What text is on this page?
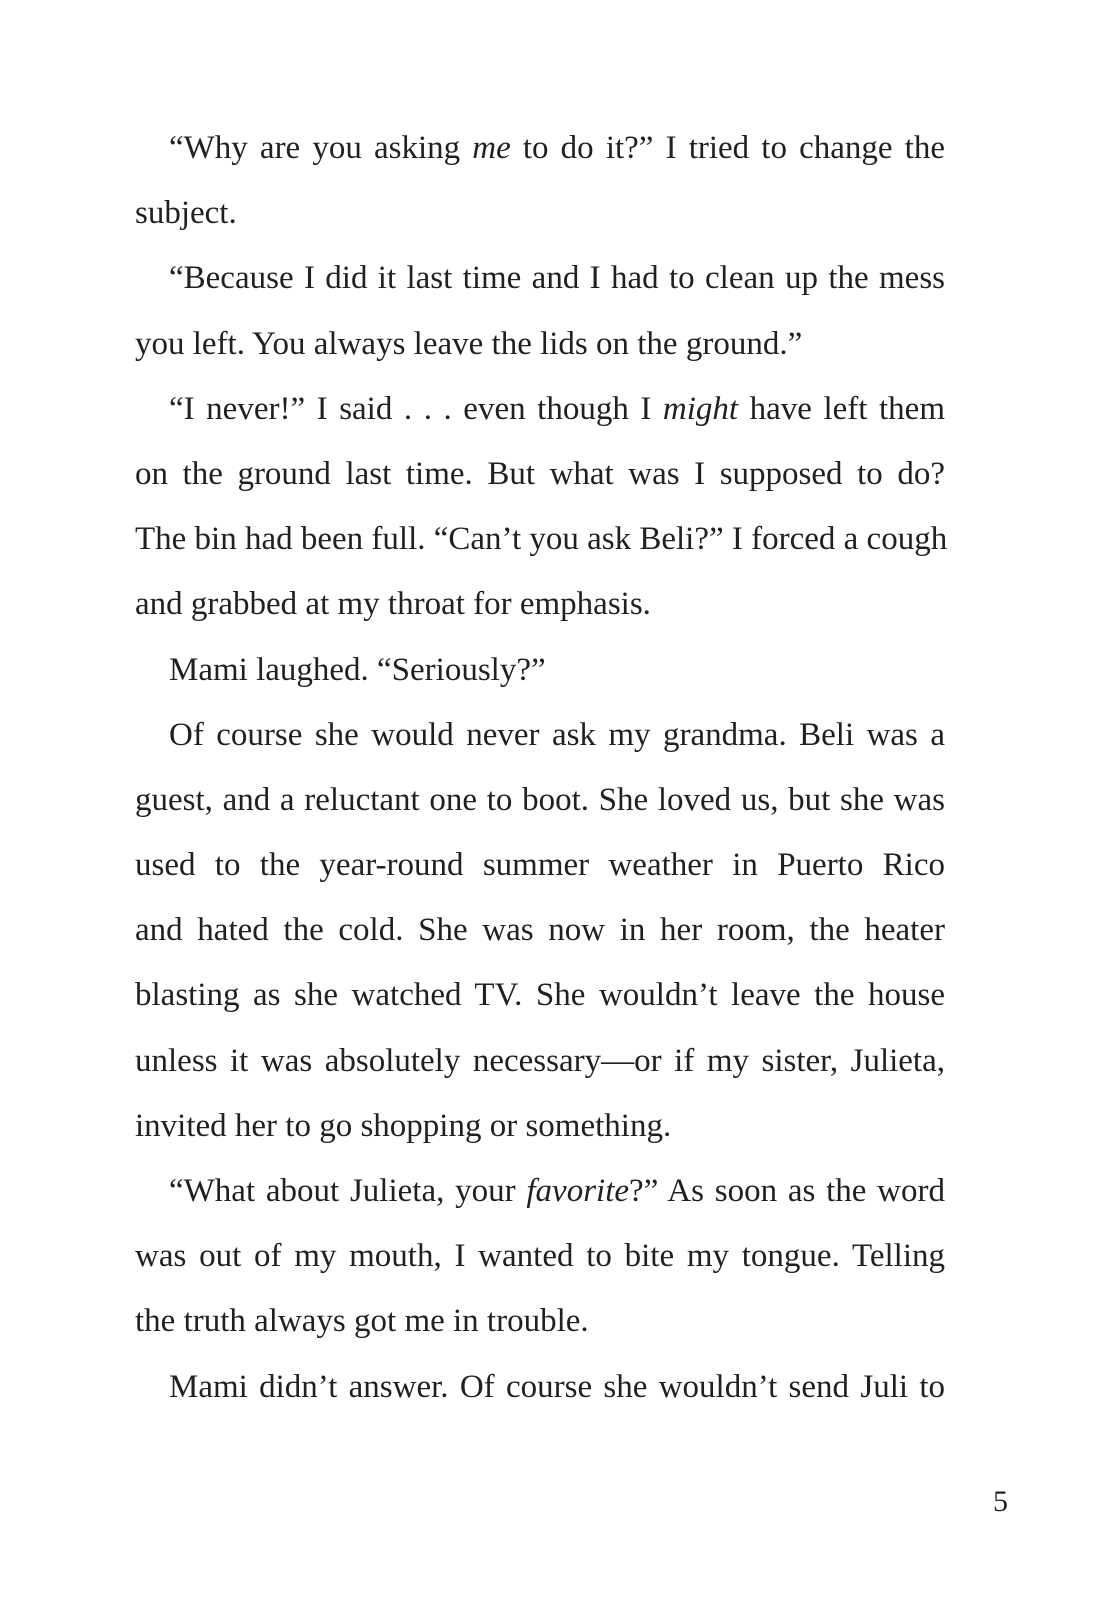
“Why are you asking me to do it?” I tried to change the
subject.
“Because I did it last time and I had to clean up the mess
you left. You always leave the lids on the ground.”
“I never!” I said . . . even though I might have left them
on the ground last time. But what was I supposed to do?
The bin had been full. “Can’t you ask Beli?” I forced a cough
and grabbed at my throat for emphasis.
Mami laughed. “Seriously?”
Of course she would never ask my grandma. Beli was a
guest, and a reluctant one to boot. She loved us, but she was
used to the year-round summer weather in Puerto Rico
and hated the cold. She was now in her room, the heater
blasting as she watched TV. She wouldn’t leave the house
unless it was absolutely necessary—or if my sister, Julieta,
invited her to go shopping or something.
“What about Julieta, your favorite?” As soon as the word
was out of my mouth, I wanted to bite my tongue. Telling
the truth always got me in trouble.
Mami didn’t answer. Of course she wouldn’t send Juli to
5
